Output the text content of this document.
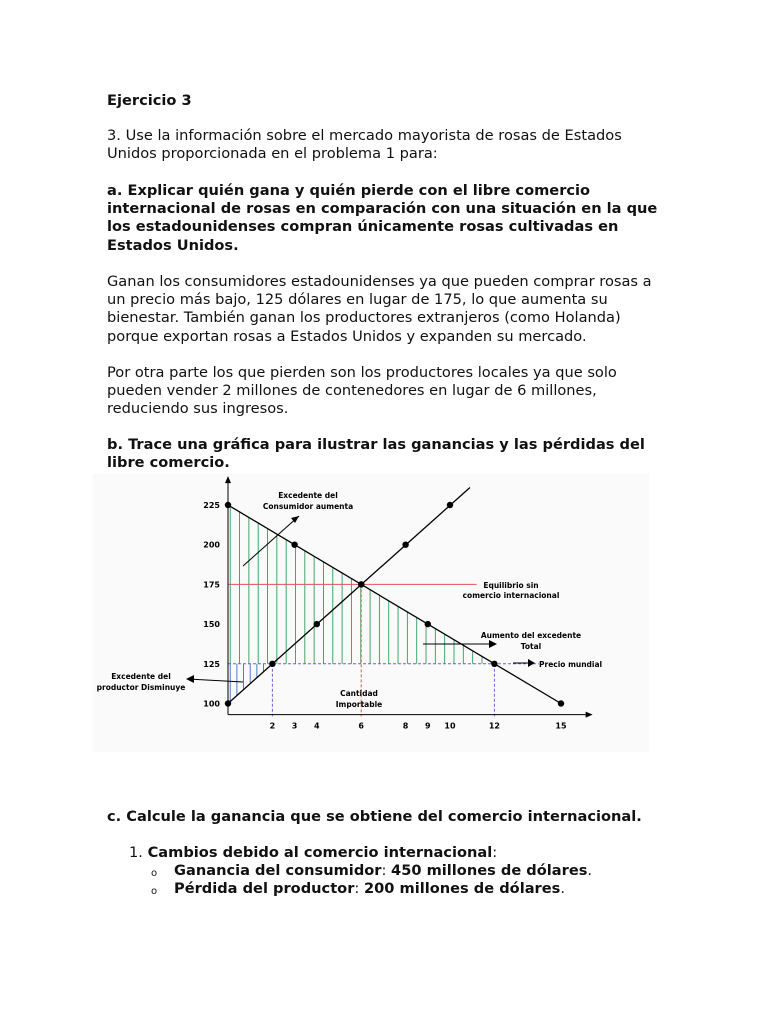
Ejercicio 3

3. Use la información sobre el mercado mayorista de rosas de Estados Unidos proporcionada en el problema 1 para:

a. Explicar quién gana y quién pierde con el libre comercio internacional de rosas en comparación con una situación en la que los estadounidenses compran únicamente rosas cultivadas en Estados Unidos.

Ganan los consumidores estadounidenses ya que pueden comprar rosas a un precio más bajo, 125 dólares en lugar de 175, lo que aumenta su bienestar. También ganan los productores extranjeros (como Holanda) porque exportan rosas a Estados Unidos y expanden su mercado.

Por otra parte los que pierden son los productores locales ya que solo pueden vender 2 millones de contenedores en lugar de 6 millones, reduciendo sus ingresos.

b. Trace una gráfica para ilustrar las ganancias y las pérdidas del libre comercio.

c. Calcule la ganancia que se obtiene del comercio internacional.

1. Cambios debido al comercio internacional:
o Ganancia del consumidor: 450 millones de dólares.
o Pérdida del productor: 200 millones de dólares.
100
125
150
175
200
225
2 3 4	6	8 9 10	12	15
Excedente del
Consumidor aumenta
Equilibrio sin
comercio internacional
Aumento del excedente
Total
Precio mundial
Excedente del
productor Disminuye
Cantidad
Importable
